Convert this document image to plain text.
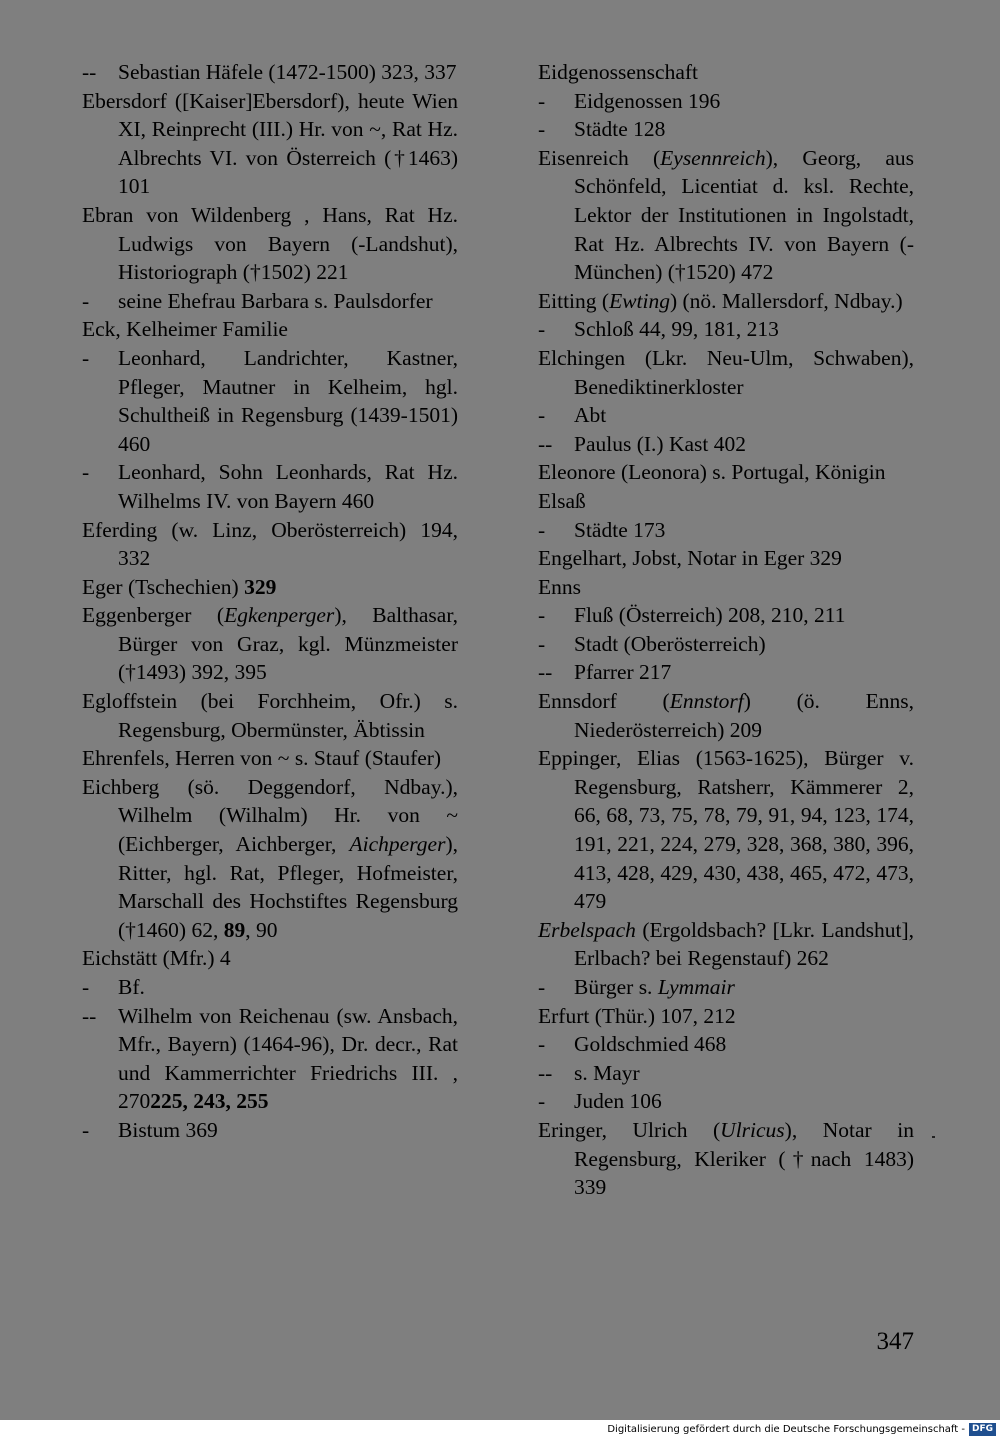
--	Sebastian Häfele (1472-1500) 323, 337
Ebersdorf ([Kaiser]Ebersdorf), heute Wien XI, Reinprecht (III.) Hr. von ~, Rat Hz. Albrechts VI. von Österreich (†1463) 101
Ebran von Wildenberg , Hans, Rat Hz. Ludwigs von Bayern (-Landshut), Historiograph (†1502) 221
-	seine Ehefrau Barbara s. Paulsdorfer
Eck, Kelheimer Familie
-	Leonhard, Landrichter, Kastner, Pfleger, Mautner in Kelheim, hgl. Schultheiß in Regensburg (1439-1501) 460
-	Leonhard, Sohn Leonhards, Rat Hz. Wilhelms IV. von Bayern 460
Eferding (w. Linz, Oberösterreich) 194, 332
Eger (Tschechien) 329
Eggenberger (Egkenperger), Balthasar, Bürger von Graz, kgl. Münzmeister (†1493) 392, 395
Egloffstein (bei Forchheim, Ofr.) s. Regensburg, Obermünster, Äbtissin
Ehrenfels, Herren von ~ s. Stauf (Staufer)
Eichberg (sö. Deggendorf, Ndbay.), Wilhelm (Wilhalm) Hr. von ~ (Eichberger, Aichberger, Aichperger), Ritter, hgl. Rat, Pfleger, Hofmeister, Marschall des Hochstiftes Regensburg (†1460) 62, 89, 90
Eichstätt (Mfr.) 4
-	Bf.
--	Wilhelm von Reichenau (sw. Ansbach, Mfr., Bayern) (1464-96), Dr. decr., Rat und Kammerrichter Friedrichs III. , 270225, 243, 255
-	Bistum 369
Eidgenossenschaft
-	Eidgenossen 196
-	Städte 128
Eisenreich (Eysennreich), Georg, aus Schönfeld, Licentiat d. ksl. Rechte, Lektor der Institutionen in Ingolstadt, Rat Hz. Albrechts IV. von Bayern (-München) (†1520) 472
Eitting (Ewting) (nö. Mallersdorf, Ndbay.)
-	Schloß 44, 99, 181, 213
Elchingen (Lkr. Neu-Ulm, Schwaben), Benediktinerkloster
-	Abt
--	Paulus (I.) Kast 402
Eleonore (Leonora) s. Portugal, Königin
Elsaß
-	Städte 173
Engelhart, Jobst, Notar in Eger 329
Enns
-	Fluß (Österreich) 208, 210, 211
-	Stadt (Oberösterreich)
--	Pfarrer 217
Ennsdorf (Ennstorf) (ö. Enns, Niederösterreich) 209
Eppinger, Elias (1563-1625), Bürger v. Regensburg, Ratsherr, Kämmerer 2, 66, 68, 73, 75, 78, 79, 91, 94, 123, 174, 191, 221, 224, 279, 328, 368, 380, 396, 413, 428, 429, 430, 438, 465, 472, 473, 479
Erbelspach (Ergoldsbach? [Lkr. Landshut], Erlbach? bei Regenstauf) 262
-	Bürger s. Lymmair
Erfurt (Thür.) 107, 212
-	Goldschmied 468
--	s. Mayr
-	Juden 106
Eringer, Ulrich (Ulricus), Notar in Regensburg, Kleriker (†nach 1483) 339
347
Digitalisierung gefördert durch die Deutsche Forschungsgemeinschaft - DFG
